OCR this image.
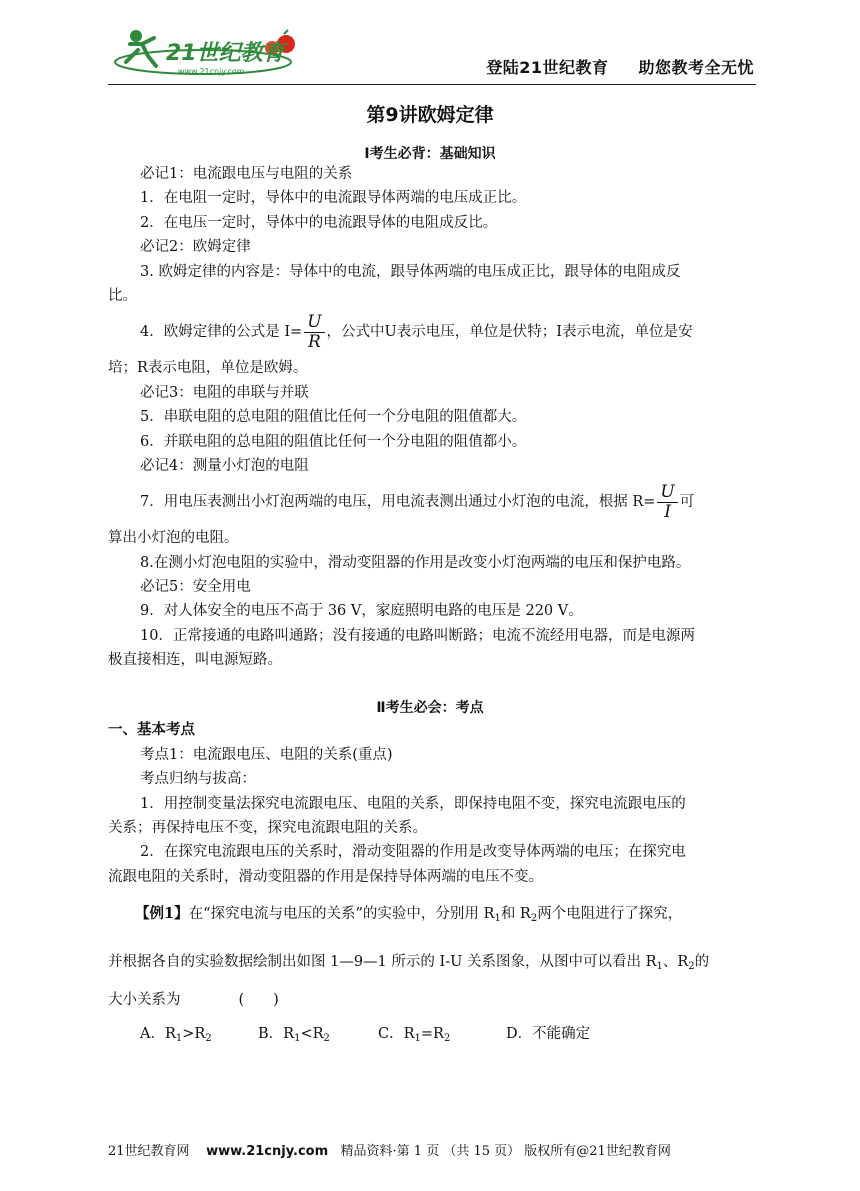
21世纪教育
www.21cnjy.com	登陆21世纪教育 助您教考全无忧
第9讲欧姆定律
Ⅰ考生必背：基础知识
必记1：电流跟电压与电阻的关系
1．在电阻一定时，导体中的电流跟导体两端的电压成正比。
2．在电压一定时，导体中的电流跟导体的电阻成反比。
必记2：欧姆定律
3. 欧姆定律的内容是：导体中的电流，跟导体两端的电压成正比，跟导体的电阻成反
比。
4．欧姆定律的公式是 $I= \frac{U}{R}$ ，公式中U表示电压，单位是伏特；I表示电流，单位是安
培；R表示电阻，单位是欧姆。
必记3：电阻的串联与并联
5．串联电阻的总电阻的阻值比任何一个分电阻的阻值都大。
6．并联电阻的总电阻的阻值比任何一个分电阻的阻值都小。
必记4：测量小灯泡的电阻
7．用电压表测出小灯泡两端的电压，用电流表测出通过小灯泡的电流，根据 $R= \frac{U}{I}$ 可
算出小灯泡的电阻。
8.在测小灯泡电阻的实验中，滑动变阻器的作用是改变小灯泡两端的电压和保护电路。
必记5：安全用电
9．对人体安全的电压不高于 36 V，家庭照明电路的电压是 220 V。
10．正常接通的电路叫通路；没有接通的电路叫断路；电流不流经用电器，而是电源两
极直接相连，叫电源短路。
Ⅱ考生必会：考点
一、基本考点
考点1：电流跟电压、电阻的关系(重点)
考点归纳与拔高：
1．用控制变量法探究电流跟电压、电阻的关系，即保持电阻不变，探究电流跟电压的
关系；再保持电压不变，探究电流跟电阻的关系。
2．在探究电流跟电压的关系时，滑动变阻器的作用是改变导体两端的电压；在探究电
流跟电阻的关系时，滑动变阻器的作用是保持导体两端的电压不变。
【例1】在“探究电流与电压的关系”的实验中，分别用 $R_1$和 $R_2$两个电阻进行了探究，
并根据各自的实验数据绘制出如图 1—9—1 所示的 I-U 关系图象，从图中可以看出 $R_1$、$R_2$的
大小关系为　　　　(　　)
A．$R_1>R_2$	B．$R_1<R_2$	C．$R_1=R_2$	D．不能确定
21世纪教育网 www.21cnjy.com 精品资料·第 1 页 （共 15 页） 版权所有@21世纪教育网
